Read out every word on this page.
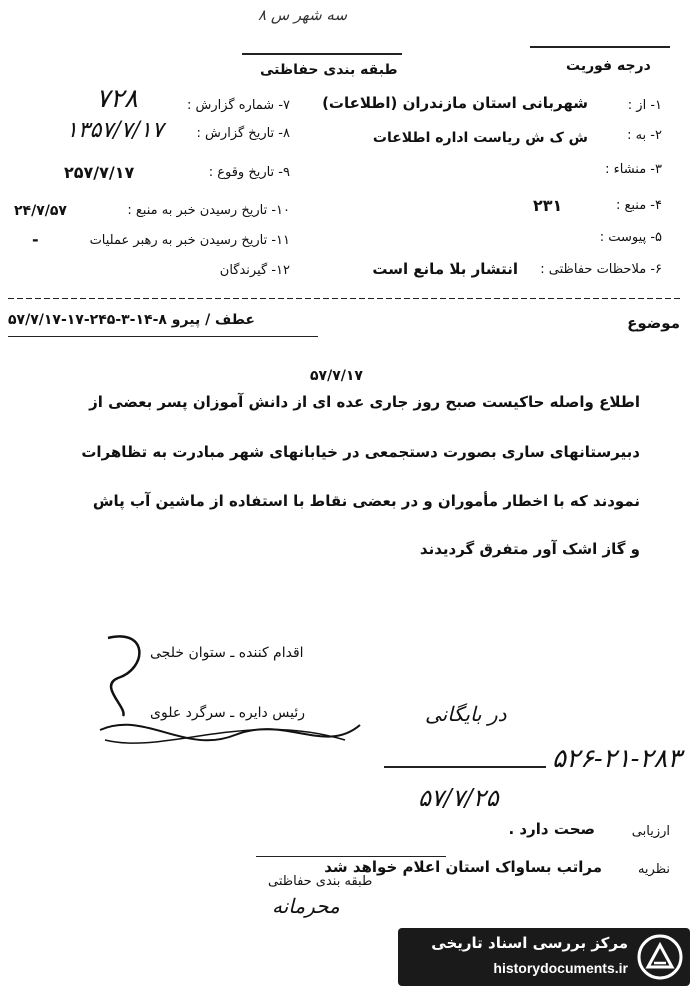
سه شهر س ۸
طبقه بندی حفاظتی	درجه فوریت
۷- شماره گزارش :
۷۲۸
۸- تاریخ گزارش :
۱۳۵۷/۷/۱۷
۹- تاریخ وقوع :
۲۵۷/۷/۱۷
۱۰- تاریخ رسیدن خبر به منبع :
۲۴/۷/۵۷
۱۱- تاریخ رسیدن خبر به رهبر عملیات
-
۱۲- گیرندگان
۱- از :
شهربانی استان مازندران (اطلاعات)
۲- به :
ش ک ش ریاست اداره اطلاعات
۳- منشاء :
۴- منبع :
۲۳۱
۵- پیوست :
۶- ملاحظات حفاظتی :
انتشار بلا مانع است
موضوع
عطف / پیرو ۸-۱۴-۳-۲۴۵-۱۷-۵۷/۷/۱۷
۵۷/۷/۱۷
اطلاع واصله حاکیست صبح روز جاری عده ای از دانش آموزان پسر بعضی از
دبیرستانهای ساری بصورت دستجمعی در خیابانهای شهر مبادرت به تظاهرات
نمودند که با اخطار مأموران و در بعضی نقاط با استفاده از ماشین آب پاش
و گاز اشک آور متفرق گردیدند
اقدام کننده ـ ستوان خلجی
رئیس دایره ـ سرگرد علوی	در بایگانی
۵۲۶-۲۱-۲۸۳
۵۷/۷/۲۵
ارزیابی
صحت دارد .
نظریه
مراتب بساواک استان اعلام خواهد شد
طبقه بندی حفاظتی
محرمانه
مرکز بررسی اسناد تاریخی
historydocuments.ir
